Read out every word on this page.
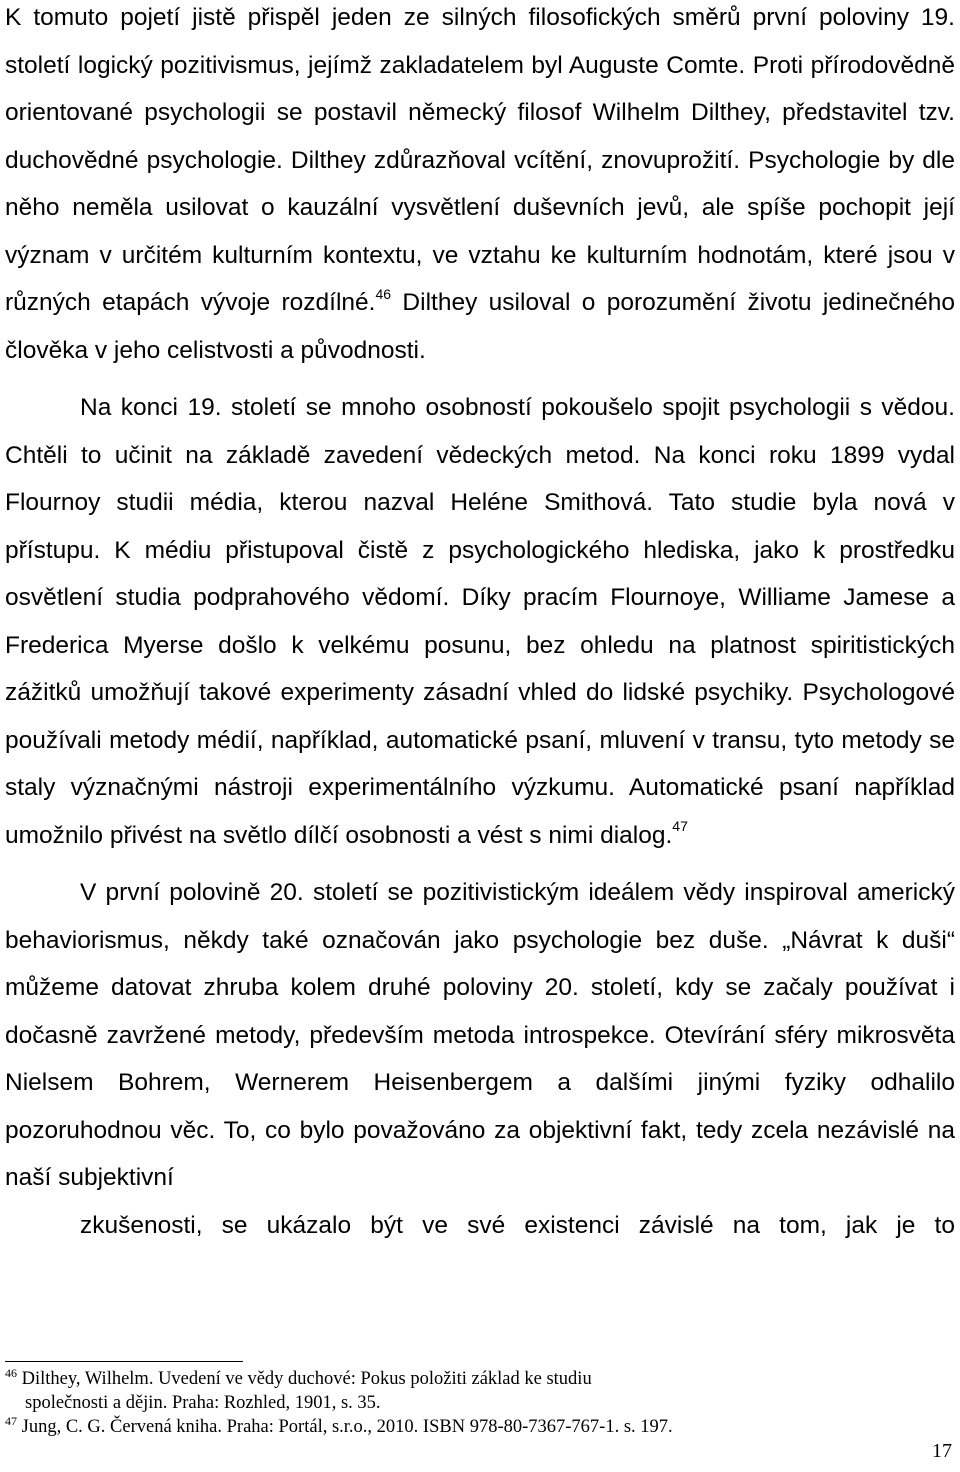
K tomuto pojetí jistě přispěl jeden ze silných filosofických směrů první poloviny 19. století logický pozitivismus, jejímž zakladatelem byl Auguste Comte. Proti přírodovědně orientované psychologii se postavil německý filosof Wilhelm Dilthey, představitel tzv. duchovědné psychologie. Dilthey zdůrazňoval vcítění, znovuprožití. Psychologie by dle něho neměla usilovat o kauzální vysvětlení duševních jevů, ale spíše pochopit její význam v určitém kulturním kontextu, ve vztahu ke kulturním hodnotám, které jsou v různých etapách vývoje rozdílné.$^{46}$ Dilthey usiloval o porozumění životu jedinečného člověka v jeho celistvosti a původnosti.

Na konci 19. století se mnoho osobností pokoušelo spojit psychologii s vědou. Chtěli to učinit na základě zavedení vědeckých metod. Na konci roku 1899 vydal Flournoy studii média, kterou nazval Heléne Smithová. Tato studie byla nová v přístupu. K médiu přistupoval čistě z psychologického hlediska, jako k prostředku osvětlení studia podprahového vědomí. Díky pracím Flournoye, Williame Jamese a Frederica Myerse došlo k velkému posunu, bez ohledu na platnost spiritistických zážitků umožňují takové experimenty zásadní vhled do lidské psychiky. Psychologové používali metody médií, například, automatické psaní, mluvení v transu, tyto metody se staly význačnými nástroji experimentálního výzkumu. Automatické psaní například umožnilo přivést na světlo dílčí osobnosti a vést s nimi dialog.$^{47}$

V první polovině 20. století se pozitivistickým ideálem vědy inspiroval americký behaviorismus, někdy také označován jako psychologie bez duše. „Návrat k duši“ můžeme datovat zhruba kolem druhé poloviny 20. století, kdy se začaly používat i dočasně zavržené metody, především metoda introspekce. Otevírání sféry mikrosvěta Nielsem Bohrem, Wernerem Heisenbergem a dalšími jinými fyziky odhalilo pozoruhodnou věc. To, co bylo považováno za objektivní fakt, tedy zcela nezávislé na naší subjektivní

zkušenosti, se ukázalo být ve své existenci závislé na tom, jak je to

$^{46}$ Dilthey, Wilhelm. Uvedení ve vědy duchové: Pokus položiti základ ke studiu

společnosti a dějin. Praha: Rozhled, 1901, s. 35.

$^{47}$ Jung, C. G. Červená kniha. Praha: Portál, s.r.o., 2010. ISBN 978-80-7367-767-1. s. 197.

17
